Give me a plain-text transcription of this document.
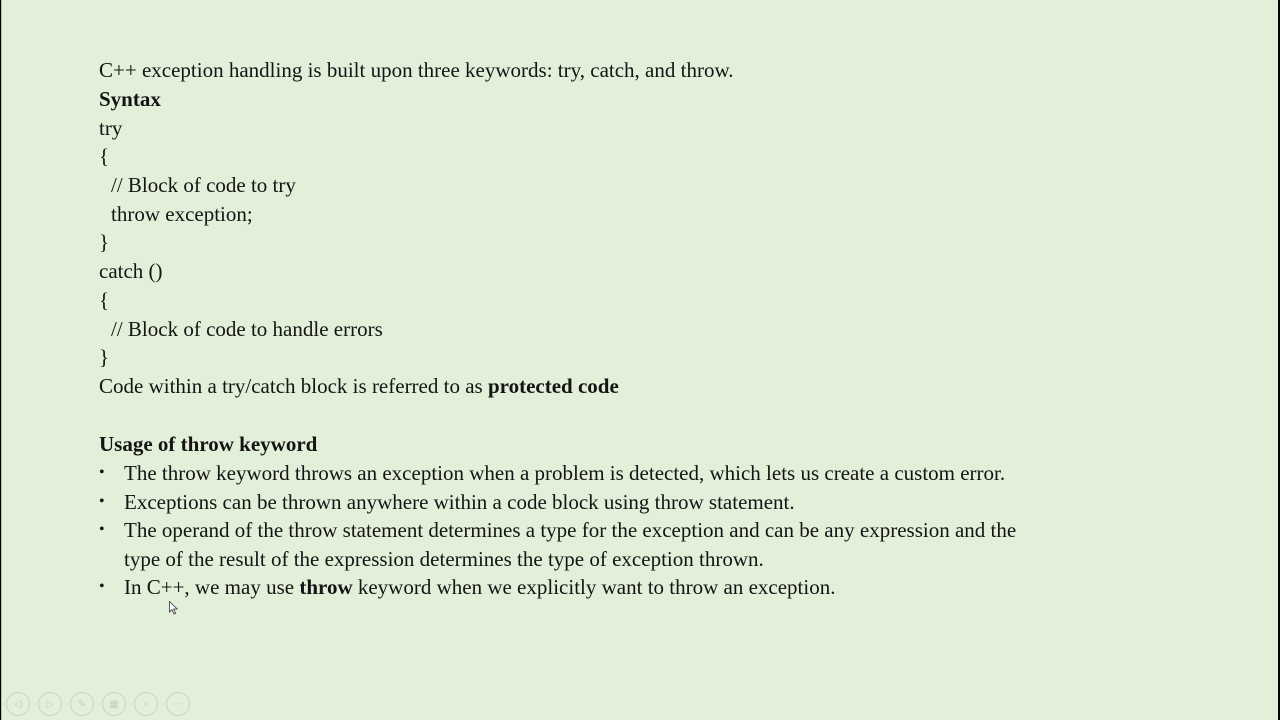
C++ exception handling is built upon three keywords: try, catch, and throw.
Syntax
try
{
// Block of code to try
throw exception;
}
catch ()
{
// Block of code to handle errors
}
Code within a try/catch block is referred to as protected code
Usage of throw keyword
• The throw keyword throws an exception when a problem is detected, which lets us create a custom error.
• Exceptions can be thrown anywhere within a code block using throw statement.
• The operand of the throw statement determines a type for the exception and can be any expression and the
type of the result of the expression determines the type of exception thrown.
• In C++, we may use throw keyword when we explicitly want to throw an exception.
◁	▷	✎	▦	⌕	⋯
